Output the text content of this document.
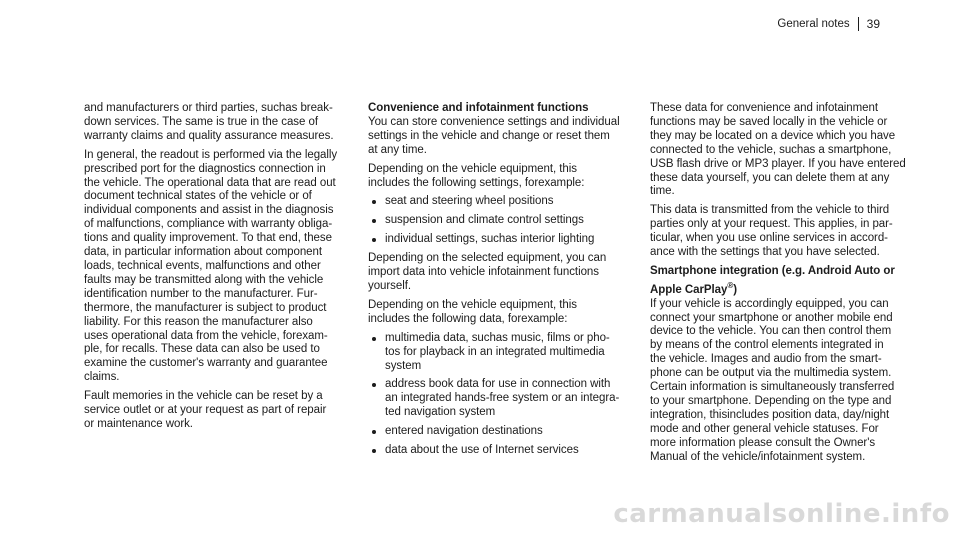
General notes 39

and manufacturers or third parties, suchas break-
down services. The same is true in the case of
warranty claims and quality assurance measures.

In general, the readout is performed via the legally
prescribed port for the diagnostics connection in
the vehicle. The operational data that are read out
document technical states of the vehicle or of
individual components and assist in the diagnosis
of malfunctions, compliance with warranty obliga-
tions and quality improvement. To that end, these
data, in particular information about component
loads, technical events, malfunctions and other
faults may be transmitted along with the vehicle
identification number to the manufacturer. Fur-
thermore, the manufacturer is subject to product
liability. For this reason the manufacturer also
uses operational data from the vehicle, forexam-
ple, for recalls. These data can also be used to
examine the customer's warranty and guarantee
claims.

Fault memories in the vehicle can be reset by a
service outlet or at your request as part of repair
or maintenance work.

Convenience and infotainment functions

You can store convenience settings and individual
settings in the vehicle and change or reset them
at any time.

Depending on the vehicle equipment, this
includes the following settings, forexample:

seat and steering wheel positions
suspension and climate control settings
individual settings, suchas interior lighting

Depending on the selected equipment, you can
import data into vehicle infotainment functions
yourself.

Depending on the vehicle equipment, this
includes the following data, forexample:

multimedia data, suchas music, films or pho-
tos for playback in an integrated multimedia
system
address book data for use in connection with
an integrated hands-free system or an integra-
ted navigation system
entered navigation destinations
data about the use of Internet services

These data for convenience and infotainment
functions may be saved locally in the vehicle or
they may be located on a device which you have
connected to the vehicle, suchas a smartphone,
USB flash drive or MP3 player. If you have entered
these data yourself, you can delete them at any
time.

This data is transmitted from the vehicle to third
parties only at your request. This applies, in par-
ticular, when you use online services in accord-
ance with the settings that you have selected.

Smartphone integration (e.g. Android Auto or
Apple CarPlay®)

If your vehicle is accordingly equipped, you can
connect your smartphone or another mobile end
device to the vehicle. You can then control them
by means of the control elements integrated in
the vehicle. Images and audio from the smart-
phone can be output via the multimedia system.
Certain information is simultaneously transferred
to your smartphone. Depending on the type and
integration, thisincludes position data, day/night
mode and other general vehicle statuses. For
more information please consult the Owner's
Manual of the vehicle/infotainment system.

carmanualsonline.info
